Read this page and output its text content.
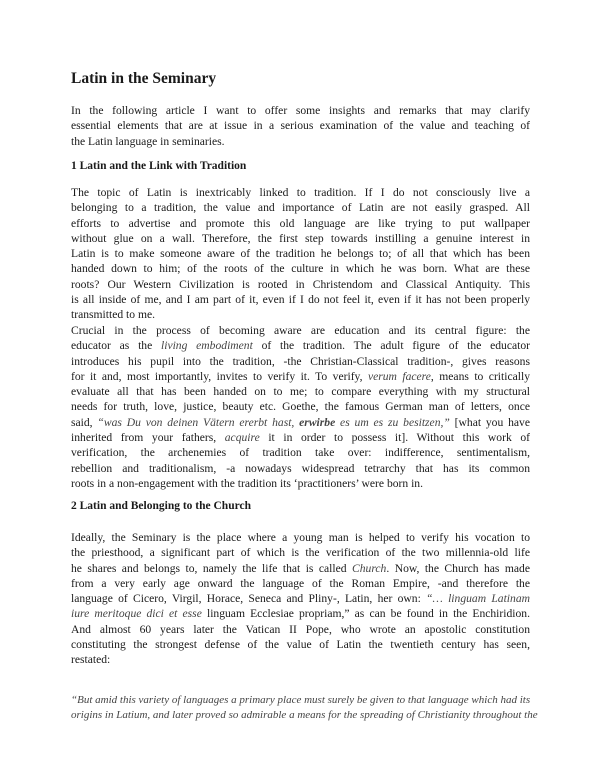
Latin in the Seminary
In the following article I want to offer some insights and remarks that may clarify
essential elements that are at issue in a serious examination of the value and teaching of
the Latin language in seminaries.
1 Latin and the Link with Tradition
The topic of Latin is inextricably linked to tradition. If I do not consciously live a
belonging to a tradition, the value and importance of Latin are not easily grasped. All
efforts to advertise and promote this old language are like trying to put wallpaper
without glue on a wall. Therefore, the first step towards instilling a genuine interest in
Latin is to make someone aware of the tradition he belongs to; of all that which has been
handed down to him; of the roots of the culture in which he was born. What are these
roots? Our Western Civilization is rooted in Christendom and Classical Antiquity. This
is all inside of me, and I am part of it, even if I do not feel it, even if it has not been properly
transmitted to me.
Crucial in the process of becoming aware are education and its central figure: the
educator as the living embodiment of the tradition. The adult figure of the educator
introduces his pupil into the tradition, -the Christian-Classical tradition-, gives reasons
for it and, most importantly, invites to verify it. To verify, verum facere, means to critically
evaluate all that has been handed on to me; to compare everything with my structural
needs for truth, love, justice, beauty etc. Goethe, the famous German man of letters, once
said, “was Du von deinen Vätern ererbt hast, erwirbe es um es zu besitzen,” [what you have
inherited from your fathers, acquire it in order to possess it]. Without this work of
verification, the archenemies of tradition take over: indifference, sentimentalism,
rebellion and traditionalism, -a nowadays widespread tetrarchy that has its common
roots in a non-engagement with the tradition its ‘practitioners’ were born in.
2 Latin and Belonging to the Church
Ideally, the Seminary is the place where a young man is helped to verify his vocation to
the priesthood, a significant part of which is the verification of the two millennia-old life
he shares and belongs to, namely the life that is called Church. Now, the Church has made
from a very early age onward the language of the Roman Empire, -and therefore the
language of Cicero, Virgil, Horace, Seneca and Pliny-, Latin, her own: “… linguam Latinam
iure meritoque dici et esse linguam Ecclesiae propriam,” as can be found in the Enchiridion.
And almost 60 years later the Vatican II Pope, who wrote an apostolic constitution
constituting the strongest defense of the value of Latin the twentieth century has seen,
restated:
“But amid this variety of languages a primary place must surely be given to that language which had its
origins in Latium, and later proved so admirable a means for the spreading of Christianity throughout the
